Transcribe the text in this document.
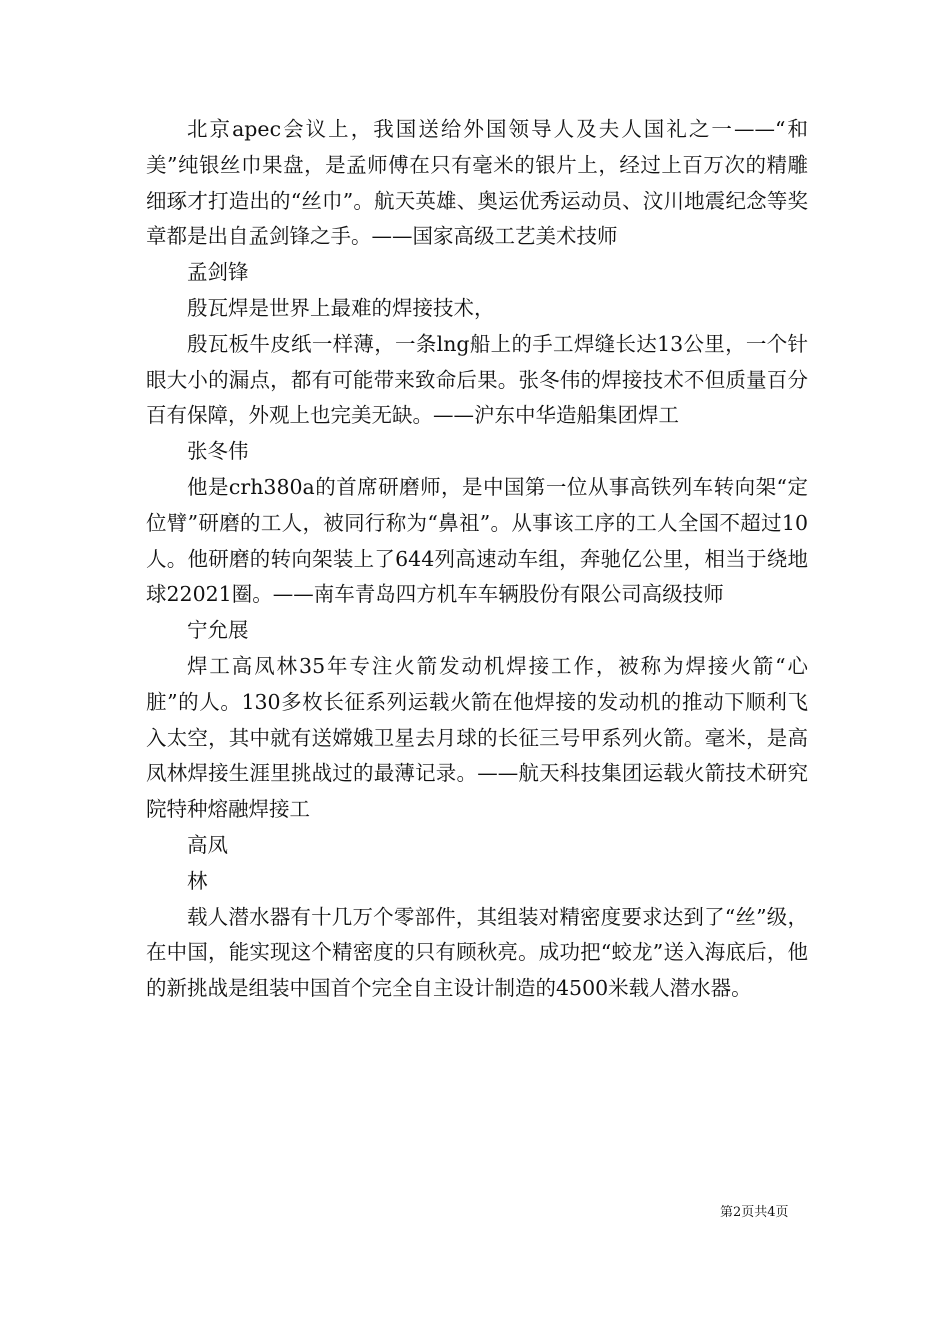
北京apec会议上，我国送给外国领导人及夫人国礼之一——“和美”纯银丝巾果盘，是孟师傅在只有毫米的银片上，经过上百万次的精雕细琢才打造出的“丝巾”。航天英雄、奥运优秀运动员、汶川地震纪念等奖章都是出自孟剑锋之手。——国家高级工艺美术技师

孟剑锋

殷瓦焊是世界上最难的焊接技术，

殷瓦板牛皮纸一样薄，一条lng船上的手工焊缝长达13公里，一个针眼大小的漏点，都有可能带来致命后果。张冬伟的焊接技术不但质量百分百有保障，外观上也完美无缺。——沪东中华造船集团焊工

张冬伟

他是crh380a的首席研磨师，是中国第一位从事高铁列车转向架“定位臂”研磨的工人，被同行称为“鼻祖”。从事该工序的工人全国不超过10人。他研磨的转向架装上了644列高速动车组，奔驰亿公里，相当于绕地球22021圈。——南车青岛四方机车车辆股份有限公司高级技师

宁允展

焊工高凤林35年专注火箭发动机焊接工作，被称为焊接火箭“心脏”的人。130多枚长征系列运载火箭在他焊接的发动机的推动下顺利飞入太空，其中就有送嫦娥卫星去月球的长征三号甲系列火箭。毫米，是高凤林焊接生涯里挑战过的最薄记录。——航天科技集团运载火箭技术研究院特种熔融焊接工

高凤

林

载人潜水器有十几万个零部件，其组装对精密度要求达到了“丝”级，在中国，能实现这个精密度的只有顾秋亮。成功把“蛟龙”送入海底后，他的新挑战是组装中国首个完全自主设计制造的4500米载人潜水器。

第2页共4页
